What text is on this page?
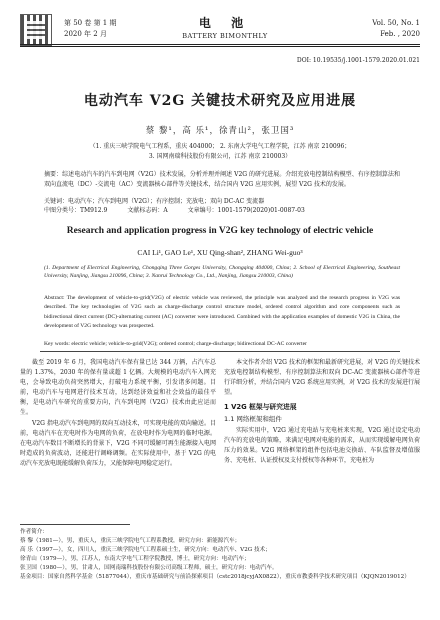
第 50 卷 第 1 期
2020 年 2 月
电 池
BATTERY BIMONTHLY
Vol. 50, No. 1
Feb. , 2020
DOI: 10.19535/j.1001-1579.2020.01.021
电动汽车 V2G 关键技术研究及应用进展
蔡 黎¹，高 乐¹，徐青山²，张卫国³
（1. 重庆三峡学院电气工程系，重庆 404000； 2. 东南大学电气工程学院，江苏 南京 210096；
3. 国网南瑞科技股份有限公司，江苏 南京 210003）
摘要：综述电动汽车的汽车到电网（V2G）技术发展，分析并理并阐述 V2G 的研究进展。介绍充放电控制结构模型、有序控制算法和双向直流电（DC）-交流电（AC）变流器核心部件等关键技术，结合国内 V2G 应用实例，展望 V2G 技术的发展。
关键词：电动汽车；汽车到电网（V2G）；有序控制；充放电；双向 DC-AC 变流器
中图分类号：TM912.9	文献标志码：A	文章编号：1001-1579(2020)01-0087-03
Research and application progress in V2G key technology of electric vehicle
CAI Li¹, GAO Le¹, XU Qing-shan², ZHANG Wei-guo³
(1. Department of Electrical Engineering, Chongqing Three Gorges University, Chongqing 404000, China; 2. School of Electrical Engineering, Southeast University, Nanjing, Jiangsu 210096, China; 3. Nanrui Technology Co., Ltd., Nanjing, Jiangsu 210003, China)
Abstract: The development of vehicle-to-grid(V2G) of electric vehicle was reviewed, the principle was analyzed and the research progress in V2G was described. The key technologies of V2G such as charge-discharge control structure model, ordered control algorithm and core components such as bidirectional direct current (DC)-alternating current (AC) converter were introduced. Combined with the application examples of domestic V2G in China, the development of V2G technology was prospected.
Key words: electric vehicle; vehicle-to-grid(V2G); ordered control; charge-discharge; bidirectional DC-AC converter

截至 2019 年 6 月，我国电动汽车保有量已达 344 万辆，占汽车总量的 1.37%，2030 年的保有量或超 1 亿辆。大规模的电动汽车入网充电，会导致电动负荷突然增大，打破电力系统平衡，引发诸多问题。目前，电动汽车与电网进行技术互动，达到经济效益和社会效益的最佳平衡，是电动汽车研究的重要方向，汽车到电网（V2G）技术由此应运而生。

V2G 指电动汽车到电网的双向互动技术，可实现电能的双向输送。目前，电动汽车在充电时作为电网的负荷，在放电时作为电网的临时电源。在电动汽车数目不断增长的背景下，V2G 不同可缓解可再生能源接入电网时造成的负荷波动，还能进行调峰调频。在实际使用中，基于 V2G 的电动汽车充放电既能缓解负荷压力，又能保障电网稳定运行。

本文作者介绍 V2G 技术的框架和最新研究进展，对 V2G 的关键技术充放电控制结构模型、有序控制算法和双向 DC-AC 变流器核心部件等进行详细分析，并结合国内 V2G 系统应用实例，对 V2G 技术的发展进行展望。

1 V2G 框架与研究进展
1.1 网络框架和组件

实际实用中，V2G 通过充电站与充电桩来实现，V2G 通过设定电动汽车的充放电的策略，来满足电网对电能的需求，从而实现缓解电网负荷压力的效果。V2G 网络框架的组件包括电池交换站、车队监督及增值服务、充电桩、认证授权及支付授权等各种环节，充电桩为

作者简介：
蔡 黎（1981—），男，重庆人，重庆三峡学院电气工程系教授，研究方向：新能源汽车；
高 乐（1997—），女，四川人，重庆三峡学院电气工程系硕士生，研究方向：电动汽车、V2G 技术；
徐青山（1979—），男，江苏人，东南大学电气工程学院教授，博士，研究方向：电动汽车；
张卫国（1980—），男，甘肃人，国网南瑞科技股份有限公司高级工程师，硕士，研究方向：电动汽车。
基金项目：国家自然科学基金（51877044），重庆市基础研究与前沿探索项目（cstc2018jcyjAX0822），重庆市教委科学技术研究项目（KJQN2019012）
